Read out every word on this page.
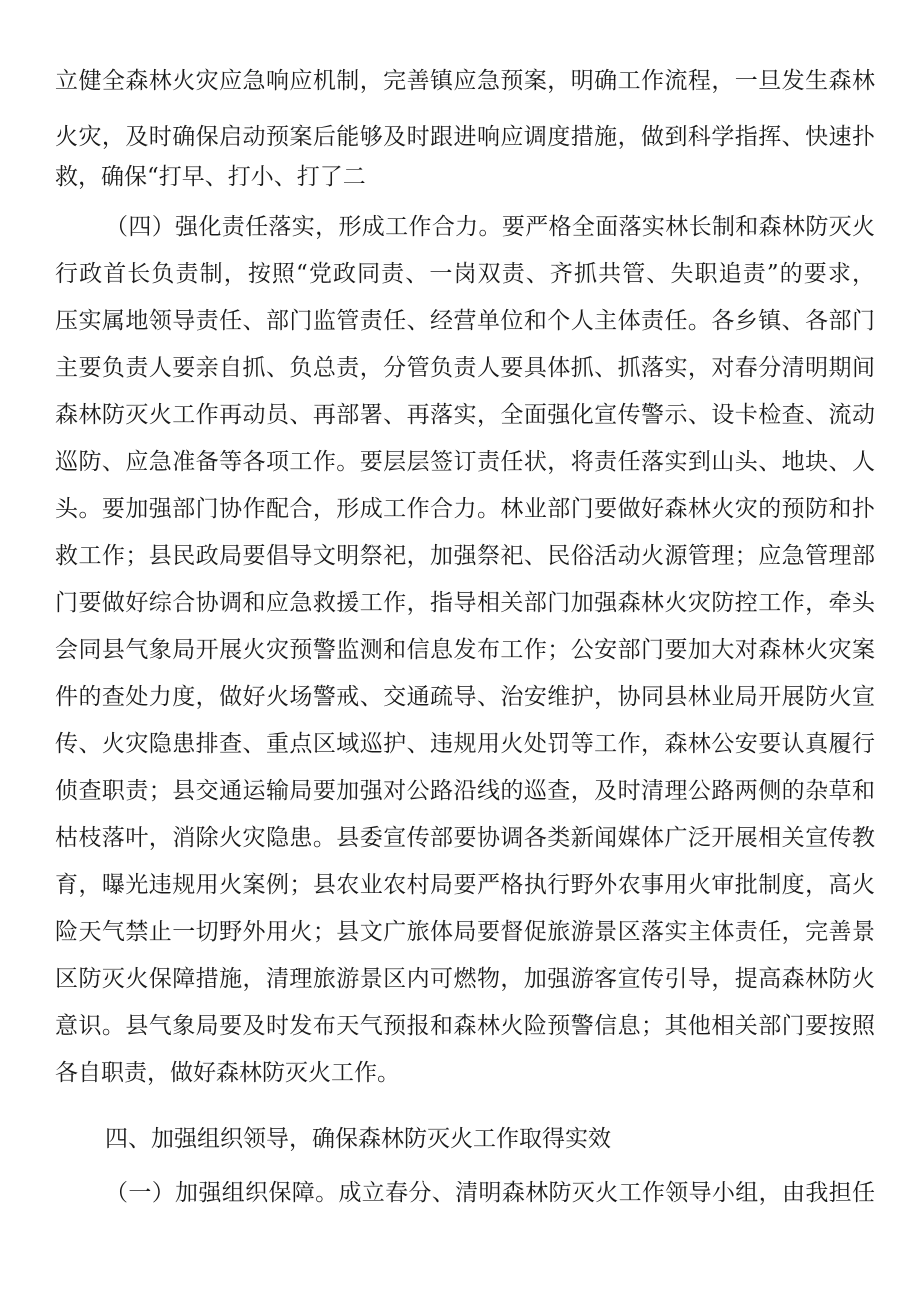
立健全森林火灾应急响应机制，完善镇应急预案，明确工作流程，一旦发生森林
火灾，及时确保启动预案后能够及时跟进响应调度措施，做到科学指挥、快速扑
救，确保“打早、打小、打了二
（四）强化责任落实，形成工作合力。要严格全面落实林长制和森林防灭火
行政首长负责制，按照“党政同责、一岗双责、齐抓共管、失职追责”的要求，
压实属地领导责任、部门监管责任、经营单位和个人主体责任。各乡镇、各部门
主要负责人要亲自抓、负总责，分管负责人要具体抓、抓落实，对春分清明期间
森林防灭火工作再动员、再部署、再落实，全面强化宣传警示、设卡检查、流动
巡防、应急准备等各项工作。要层层签订责任状，将责任落实到山头、地块、人
头。要加强部门协作配合，形成工作合力。林业部门要做好森林火灾的预防和扑
救工作；县民政局要倡导文明祭祀，加强祭祀、民俗活动火源管理；应急管理部
门要做好综合协调和应急救援工作，指导相关部门加强森林火灾防控工作，牵头
会同县气象局开展火灾预警监测和信息发布工作；公安部门要加大对森林火灾案
件的查处力度，做好火场警戒、交通疏导、治安维护，协同县林业局开展防火宣
传、火灾隐患排查、重点区域巡护、违规用火处罚等工作，森林公安要认真履行
侦查职责；县交通运输局要加强对公路沿线的巡查，及时清理公路两侧的杂草和
枯枝落叶，消除火灾隐患。县委宣传部要协调各类新闻媒体广泛开展相关宣传教
育，曝光违规用火案例；县农业农村局要严格执行野外农事用火审批制度，高火
险天气禁止一切野外用火；县文广旅体局要督促旅游景区落实主体责任，完善景
区防灭火保障措施，清理旅游景区内可燃物，加强游客宣传引导，提高森林防火
意识。县气象局要及时发布天气预报和森林火险预警信息；其他相关部门要按照
各自职责，做好森林防灭火工作。
四、加强组织领导，确保森林防灭火工作取得实效
（一）加强组织保障。成立春分、清明森林防灭火工作领导小组，由我担任
